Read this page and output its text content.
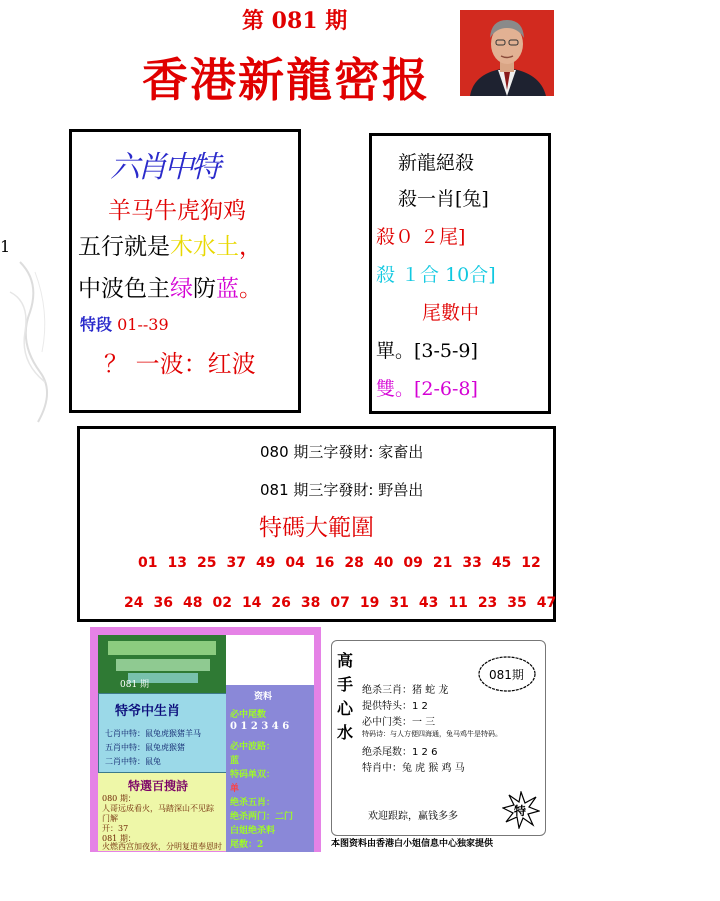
第 081 期
香港新龍密报
1
六肖中特
羊马牛虎狗鸡
五行就是木水土，
中波色主绿防蓝。
特段 01--39
？ 一波：红波
新龍絕殺
殺一肖[兔]
殺０ ２尾]
殺 １合 10合]
尾數中
單。[3-5-9]
雙。[2-6-8]
080 期三字發財: 家畜出
081 期三字發財: 野兽出
特碼大範圍
01 13 25 37 49 04 16 28 40 09 21 33 45 12
24 36 48 02 14 26 38 07 19 31 43 11 23 35 47
081 期
特爷中生肖
七肖中特：鼠兔虎猴猪羊马
五肖中特：鼠兔虎猴猪
二肖中特：鼠兔
特選百搜詩
080 期：
人哥远成看火，马踏深山不见踪
门解
开：37
081 期：
火燃西宫加夜狄，分明复道奉恩时
资料
必中尾数
0 1 2 3 4 6
必中波路：
蓝
特码单双：
单
绝杀五肖：
绝杀两门：二门
白姐绝杀料
尾数：2
高
手
心
水
081期
绝杀三肖：猪 蛇 龙
提供特头：1 2
必中门类：一 三
特码诗：与人方便四海通，兔马鸡牛是特码。
绝杀尾数：1 2 6
特肖中：兔 虎 猴 鸡 马
欢迎跟踪，赢钱多多	特
本图资料由香港白小姐信息中心独家提供
